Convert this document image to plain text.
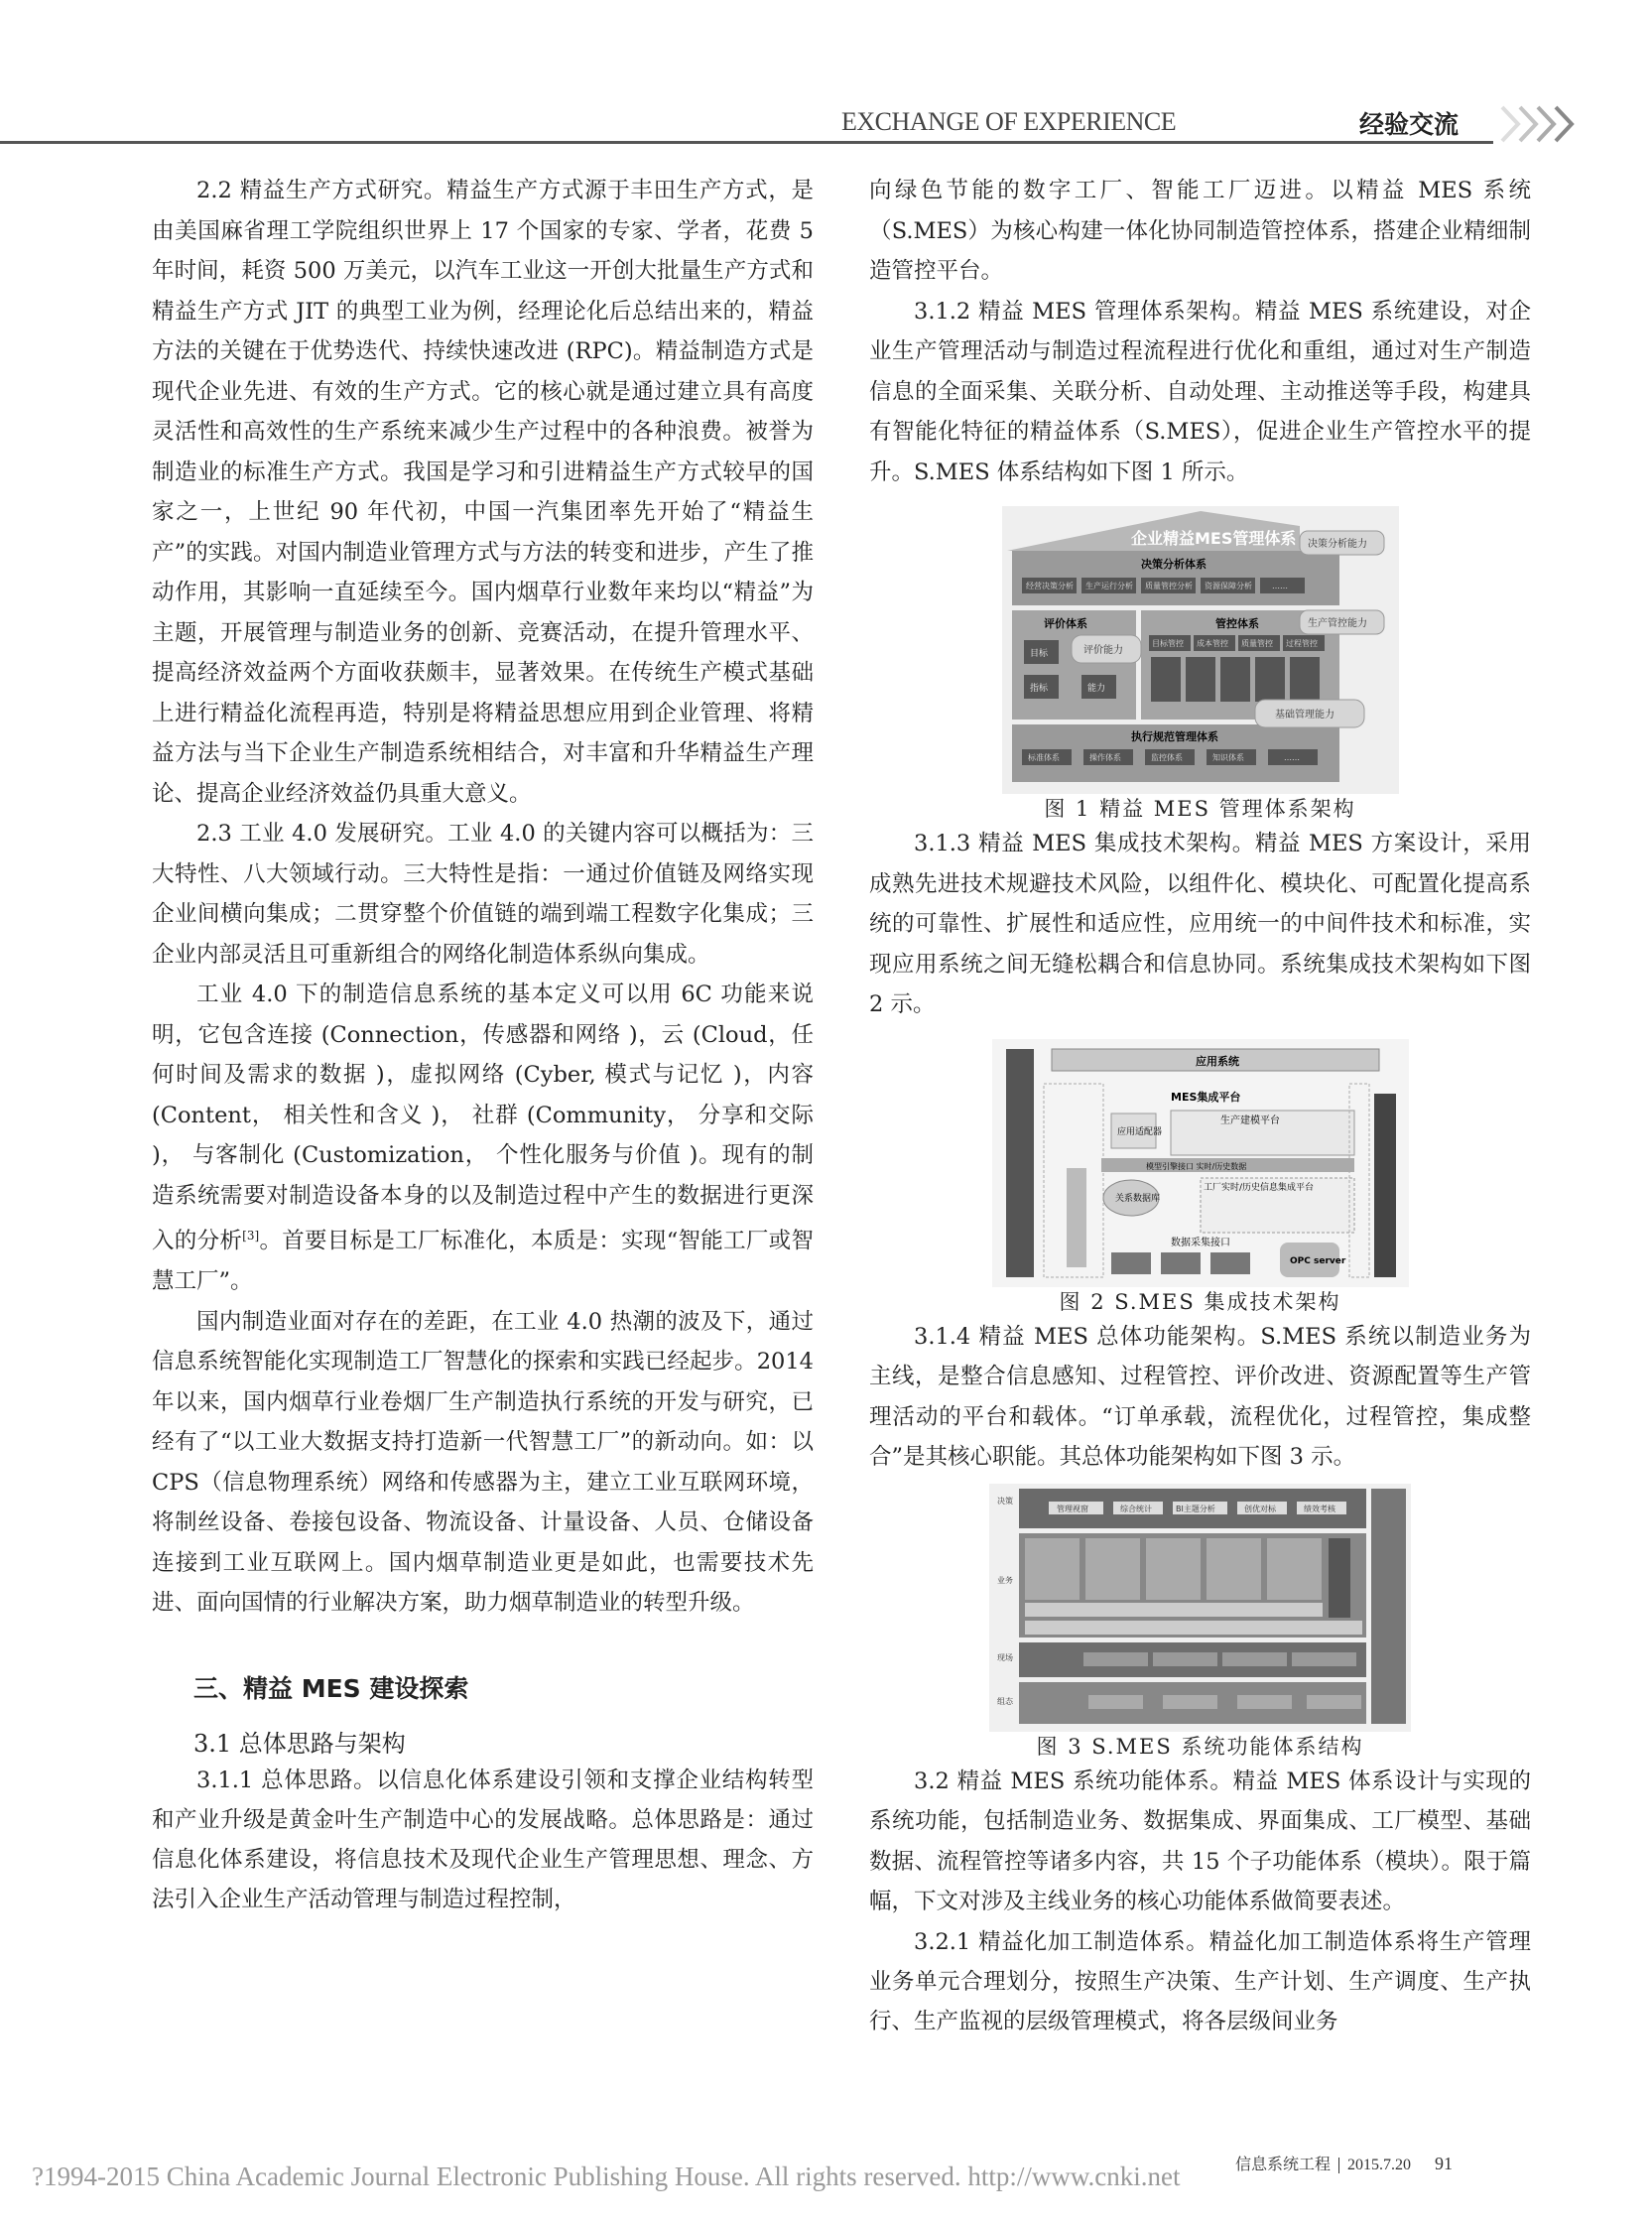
EXCHANGE OF EXPERIENCE	经验交流

2.2 精益生产方式研究。精益生产方式源于丰田生产方式，是由美国麻省理工学院组织世界上 17 个国家的专家、学者，花费 5 年时间，耗资 500 万美元，以汽车工业这一开创大批量生产方式和精益生产方式 JIT 的典型工业为例，经理论化后总结出来的，精益方法的关键在于优势迭代、持续快速改进 (RPC)。精益制造方式是现代企业先进、有效的生产方式。它的核心就是通过建立具有高度灵活性和高效性的生产系统来减少生产过程中的各种浪费。被誉为制造业的标准生产方式。我国是学习和引进精益生产方式较早的国家之一，上世纪 90 年代初，中国一汽集团率先开始了“精益生产”的实践。对国内制造业管理方式与方法的转变和进步，产生了推动作用，其影响一直延续至今。国内烟草行业数年来均以“精益”为主题，开展管理与制造业务的创新、竞赛活动，在提升管理水平、提高经济效益两个方面收获颇丰，显著效果。在传统生产模式基础上进行精益化流程再造，特别是将精益思想应用到企业管理、将精益方法与当下企业生产制造系统相结合，对丰富和升华精益生产理论、提高企业经济效益仍具重大意义。

2.3 工业 4.0 发展研究。工业 4.0 的关键内容可以概括为：三大特性、八大领域行动。三大特性是指：一通过价值链及网络实现企业间横向集成；二贯穿整个价值链的端到端工程数字化集成；三企业内部灵活且可重新组合的网络化制造体系纵向集成。

工业 4.0 下的制造信息系统的基本定义可以用 6C 功能来说明，它包含连接 (Connection，传感器和网络 )，云 (Cloud，任何时间及需求的数据 )，虚拟网络 (Cyber, 模式与记忆 )，内容 (Content， 相关性和含义 )， 社群 (Community， 分享和交际 )， 与客制化 (Customization， 个性化服务与价值 )。现有的制造系统需要对制造设备本身的以及制造过程中产生的数据进行更深入的分析[3]。首要目标是工厂标准化，本质是：实现“智能工厂或智慧工厂”。

国内制造业面对存在的差距，在工业 4.0 热潮的波及下，通过信息系统智能化实现制造工厂智慧化的探索和实践已经起步。2014 年以来，国内烟草行业卷烟厂生产制造执行系统的开发与研究，已经有了“以工业大数据支持打造新一代智慧工厂”的新动向。如：以 CPS（信息物理系统）网络和传感器为主，建立工业互联网环境，将制丝设备、卷接包设备、物流设备、计量设备、人员、仓储设备连接到工业互联网上。国内烟草制造业更是如此，也需要技术先进、面向国情的行业解决方案，助力烟草制造业的转型升级。

三、精益 MES 建设探索
3.1 总体思路与架构

3.1.1 总体思路。以信息化体系建设引领和支撑企业结构转型和产业升级是黄金叶生产制造中心的发展战略。总体思路是：通过信息化体系建设，将信息技术及现代企业生产管理思想、理念、方法引入企业生产活动管理与制造过程控制，

向绿色节能的数字工厂、智能工厂迈进。以精益 MES 系统（S.MES）为核心构建一体化协同制造管控体系，搭建企业精细制造管控平台。

3.1.2 精益 MES 管理体系架构。精益 MES 系统建设，对企业生产管理活动与制造过程流程进行优化和重组，通过对生产制造信息的全面采集、关联分析、自动处理、主动推送等手段，构建具有智能化特征的精益体系（S.MES），促进企业生产管控水平的提升。S.MES 体系结构如下图 1 所示。

企业精益MES管理体系
决策分析体系
经营决策分析 生产运行分析 质量管控分析 资源保障分析	……
评价体系
目标
指标	能力
管控体系
目标管控 成本管控 质量管控 过程管控
执行规范管理体系
标准体系	操作体系	监控体系	知识体系	……
决策分析能力
生产管控能力
评价能力
基础管理能力
图 1 精益 MES 管理体系架构

3.1.3 精益 MES 集成技术架构。精益 MES 方案设计，采用成熟先进技术规避技术风险，以组件化、模块化、可配置化提高系统的可靠性、扩展性和适应性，应用统一的中间件技术和标准，实现应用系统之间无缝松耦合和信息协同。系统集成技术架构如下图 2 示。

应用系统
MES集成平台
应用适配器
生产建模平台
模型引擎接口 实时/历史数据
关系数据库
工厂实时/历史信息集成平台
数据采集接口
OPC server
图 2 S.MES 集成技术架构

3.1.4 精益 MES 总体功能架构。S.MES 系统以制造业务为主线，是整合信息感知、过程管控、评价改进、资源配置等生产管理活动的平台和载体。“订单承载，流程优化，过程管控，集成整合”是其核心职能。其总体功能架构如下图 3 示。

管理视窗	综合统计	BI主题分析	创优对标	绩效考核
决策
业务
现场
组态
图 3 S.MES 系统功能体系结构

3.2 精益 MES 系统功能体系。精益 MES 体系设计与实现的系统功能，包括制造业务、数据集成、界面集成、工厂模型、基础数据、流程管控等诸多内容，共 15 个子功能体系（模块）。限于篇幅，下文对涉及主线业务的核心功能体系做简要表述。

3.2.1 精益化加工制造体系。精益化加工制造体系将生产管理业务单元合理划分，按照生产决策、生产计划、生产调度、生产执行、生产监视的层级管理模式，将各层级间业务

?1994-2015 China Academic Journal Electronic Publishing House. All rights reserved. http://www.cnki.net	信息系统工程 2015.7.20 91
